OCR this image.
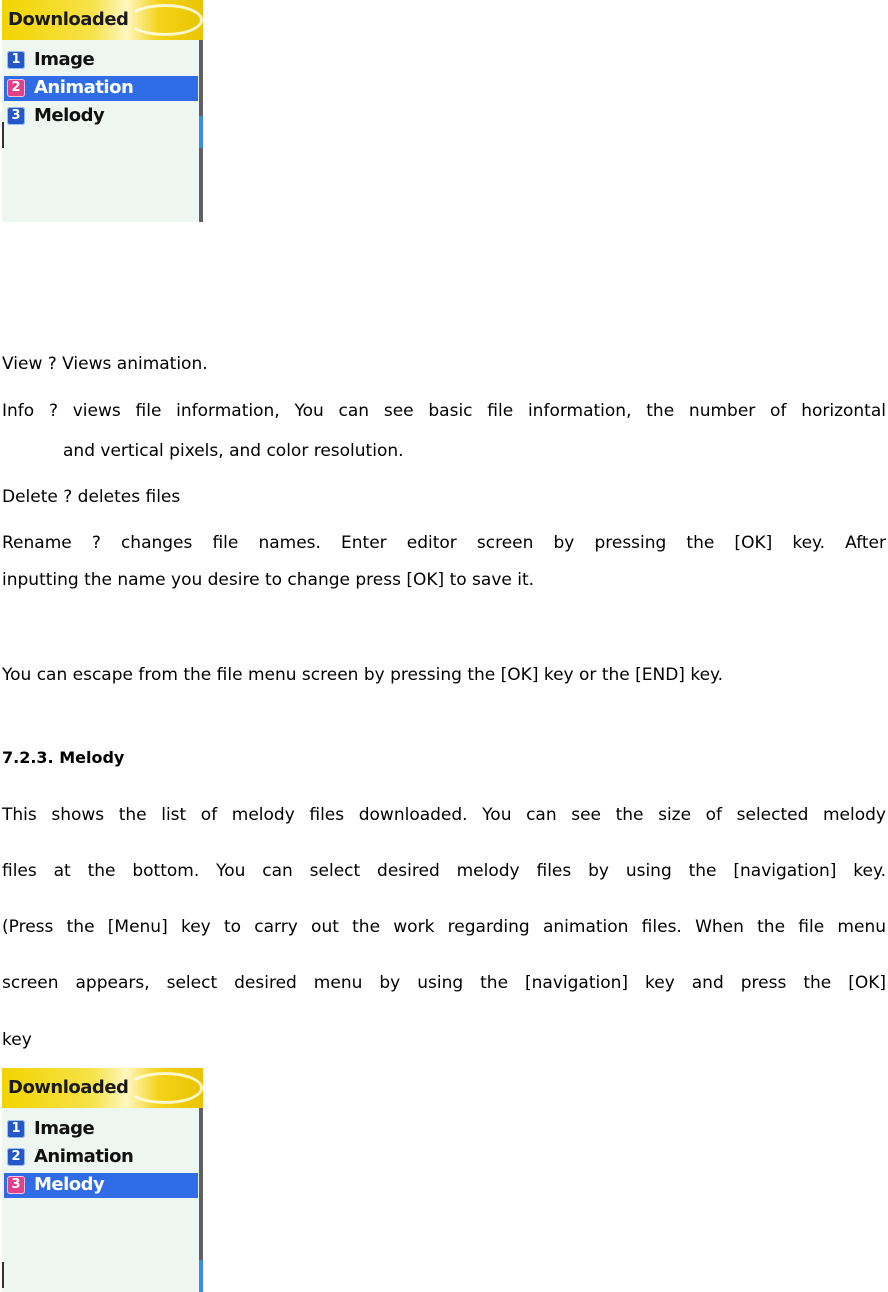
Downloaded
1 Image
2 Animation
3 Melody
View ? Views animation.
Info ? views file information, You can see basic file information, the number of horizontal
and vertical pixels, and color resolution.
Delete ? deletes files
Rename ? changes file names. Enter editor screen by pressing the [OK] key. After
inputting the name you desire to change press [OK] to save it.
You can escape from the file menu screen by pressing the [OK] key or the [END] key.
7.2.3. Melody
This shows the list of melody files downloaded. You can see the size of selected melody
files at the bottom. You can select desired melody files by using the [navigation] key.
(Press the [Menu] key to carry out the work regarding animation files. When the file menu
screen appears, select desired menu by using the [navigation] key and press the [OK]
key
Downloaded
1 Image
2 Animation
3 Melody
